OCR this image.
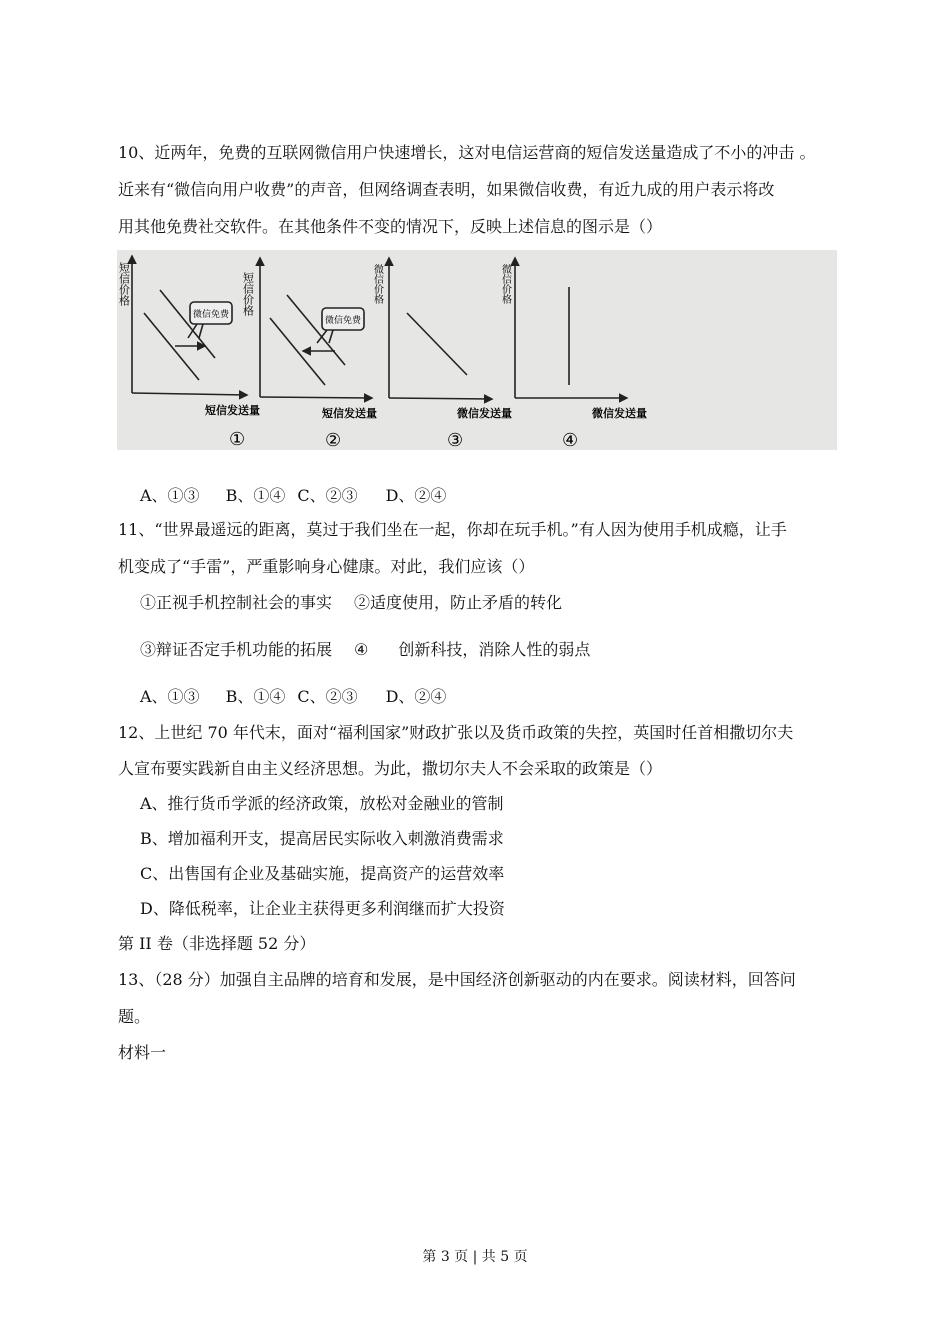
10、近两年，免费的互联网微信用户快速增长，这对电信运营商的短信发送量造成了不小的冲击 。
近来有“微信向用户收费”的声音，但网络调查表明，如果微信收费，有近九成的用户表示将改
用其他免费社交软件。在其他条件不变的情况下，反映上述信息的图示是（）
微信免费
短信价格
短信发送量
①
微信免费
短信价格
短信发送量
②
微信价格
微信发送量
③
微信价格
微信发送量
④
A、①③ B、①④ C、②③ D、②④
11、“世界最遥远的距离，莫过于我们坐在一起，你却在玩手机。”有人因为使用手机成瘾，让手
机变成了“手雷”，严重影响身心健康。对此，我们应该（）
①正视手机控制社会的事实 ②适度使用，防止矛盾的转化
③辩证否定手机功能的拓展 ④ 创新科技，消除人性的弱点
A、①③ B、①④ C、②③ D、②④
12、上世纪 70 年代末，面对“福利国家”财政扩张以及货币政策的失控，英国时任首相撒切尔夫
人宣布要实践新自由主义经济思想。为此，撒切尔夫人不会采取的政策是（）
A、推行货币学派的经济政策，放松对金融业的管制
B、增加福利开支，提高居民实际收入刺激消费需求
C、出售国有企业及基础实施，提高资产的运营效率
D、降低税率，让企业主获得更多利润继而扩大投资
第 II 卷（非选择题 52 分）
13、（28 分）加强自主品牌的培育和发展，是中国经济创新驱动的内在要求。阅读材料，回答问
题。
材料一
第 3 页 | 共 5 页
